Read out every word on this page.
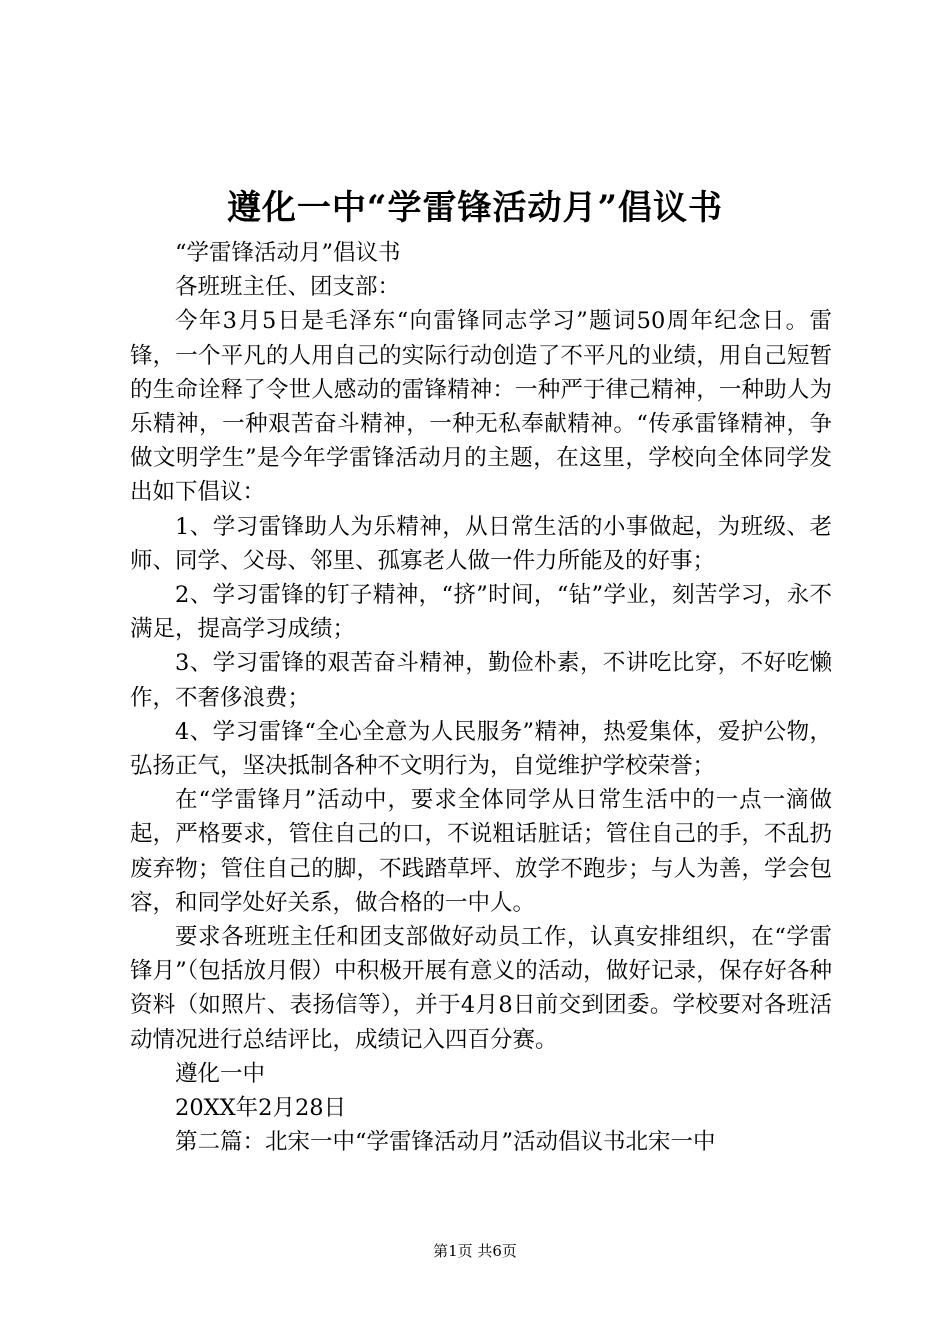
遵化一中“学雷锋活动月”倡议书

“学雷锋活动月”倡议书

各班班主任、团支部：

今年3月5日是毛泽东“向雷锋同志学习”题词50周年纪念日。雷锋，一个平凡的人用自己的实际行动创造了不平凡的业绩，用自己短暂的生命诠释了令世人感动的雷锋精神：一种严于律己精神，一种助人为乐精神，一种艰苦奋斗精神，一种无私奉献精神。“传承雷锋精神，争做文明学生”是今年学雷锋活动月的主题，在这里，学校向全体同学发出如下倡议：

1、学习雷锋助人为乐精神，从日常生活的小事做起，为班级、老师、同学、父母、邻里、孤寡老人做一件力所能及的好事；

2、学习雷锋的钉子精神，“挤”时间，“钻”学业，刻苦学习，永不满足，提高学习成绩；

3、学习雷锋的艰苦奋斗精神，勤俭朴素，不讲吃比穿，不好吃懒作，不奢侈浪费；

4、学习雷锋“全心全意为人民服务”精神，热爱集体，爱护公物，弘扬正气，坚决抵制各种不文明行为，自觉维护学校荣誉；

在“学雷锋月”活动中，要求全体同学从日常生活中的一点一滴做起，严格要求，管住自己的口，不说粗话脏话；管住自己的手，不乱扔废弃物；管住自己的脚，不践踏草坪、放学不跑步；与人为善，学会包容，和同学处好关系，做合格的一中人。

要求各班班主任和团支部做好动员工作，认真安排组织，在“学雷锋月”（包括放月假）中积极开展有意义的活动，做好记录，保存好各种资料（如照片、表扬信等），并于4月8日前交到团委。学校要对各班活动情况进行总结评比，成绩记入四百分赛。

遵化一中

20XX年2月28日

第二篇：北宋一中“学雷锋活动月”活动倡议书北宋一中

第1页 共6页
